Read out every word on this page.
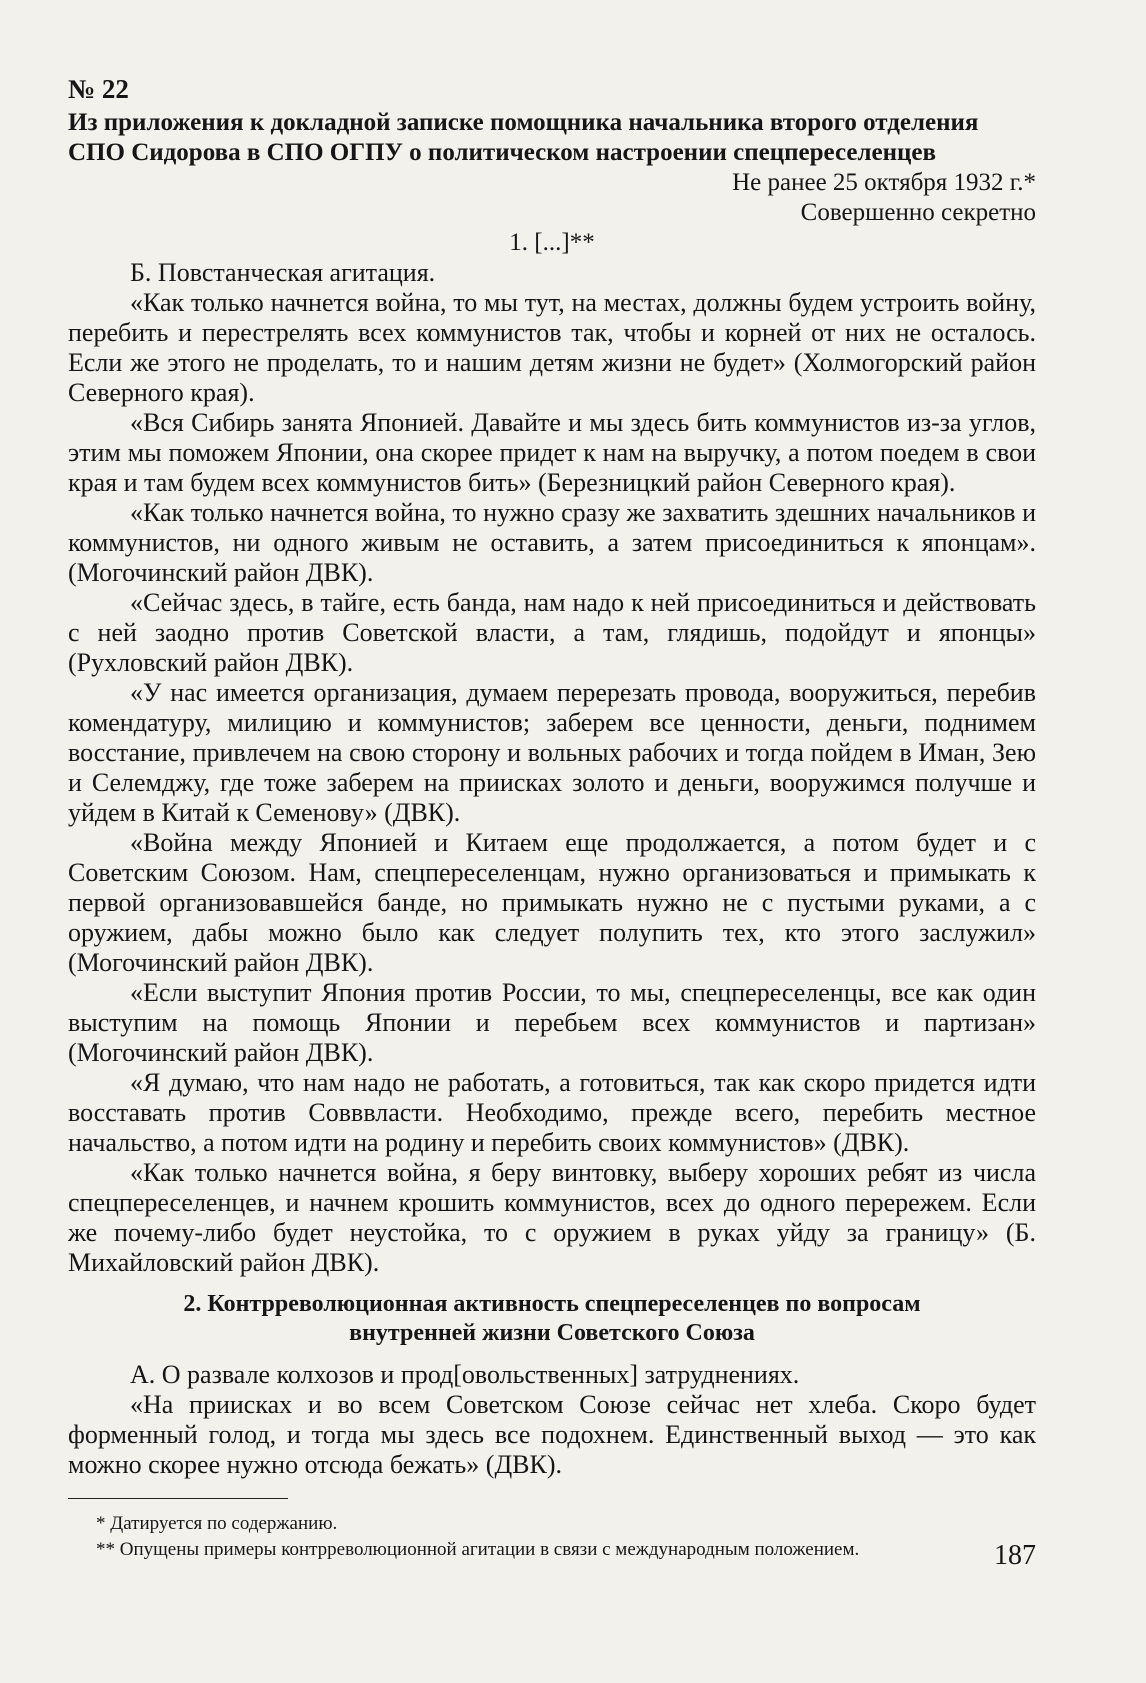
№ 22
Из приложения к докладной записке помощника начальника второго отделения СПО Сидорова в СПО ОГПУ о политическом настроении спецпереселенцев
Не ранее 25 октября 1932 г.*
Совершенно секретно
1. [...]**

Б. Повстанческая агитация.

«Как только начнется война, то мы тут, на местах, должны будем устроить войну, перебить и перестрелять всех коммунистов так, чтобы и корней от них не осталось. Если же этого не проделать, то и нашим детям жизни не будет» (Холмогорский район Северного края).

«Вся Сибирь занята Японией. Давайте и мы здесь бить коммунистов из-за углов, этим мы поможем Японии, она скорее придет к нам на выручку, а потом поедем в свои края и там будем всех коммунистов бить» (Березницкий район Северного края).

«Как только начнется война, то нужно сразу же захватить здешних начальников и коммунистов, ни одного живым не оставить, а затем присоединиться к японцам». (Могочинский район ДВК).

«Сейчас здесь, в тайге, есть банда, нам надо к ней присоединиться и действовать с ней заодно против Советской власти, а там, глядишь, подойдут и японцы» (Рухловский район ДВК).

«У нас имеется организация, думаем перерезать провода, вооружиться, перебив комендатуру, милицию и коммунистов; заберем все ценности, деньги, поднимем восстание, привлечем на свою сторону и вольных рабочих и тогда пойдем в Иман, Зею и Селемджу, где тоже заберем на приисках золото и деньги, вооружимся получше и уйдем в Китай к Семенову» (ДВК).

«Война между Японией и Китаем еще продолжается, а потом будет и с Советским Союзом. Нам, спецпереселенцам, нужно организоваться и примыкать к первой организовавшейся банде, но примыкать нужно не с пустыми руками, а с оружием, дабы можно было как следует полупить тех, кто этого заслужил» (Могочинский район ДВК).

«Если выступит Япония против России, то мы, спецпереселенцы, все как один выступим на помощь Японии и перебьем всех коммунистов и партизан» (Могочинский район ДВК).

«Я думаю, что нам надо не работать, а готовиться, так как скоро придется идти восставать против Совввласти. Необходимо, прежде всего, перебить местное начальство, а потом идти на родину и перебить своих коммунистов» (ДВК).

«Как только начнется война, я беру винтовку, выберу хороших ребят из числа спецпереселенцев, и начнем крошить коммунистов, всех до одного перережем. Если же почему-либо будет неустойка, то с оружием в руках уйду за границу» (Б. Михайловский район ДВК).

2. Контрреволюционная активность спецпереселенцев по вопросам внутренней жизни Советского Союза

А. О развале колхозов и прод[овольственных] затруднениях.

«На приисках и во всем Советском Союзе сейчас нет хлеба. Скоро будет форменный голод, и тогда мы здесь все подохнем. Единственный выход — это как можно скорее нужно отсюда бежать» (ДВК).

* Датируется по содержанию.

** Опущены примеры контрреволюционной агитации в связи с международным положением.	187
